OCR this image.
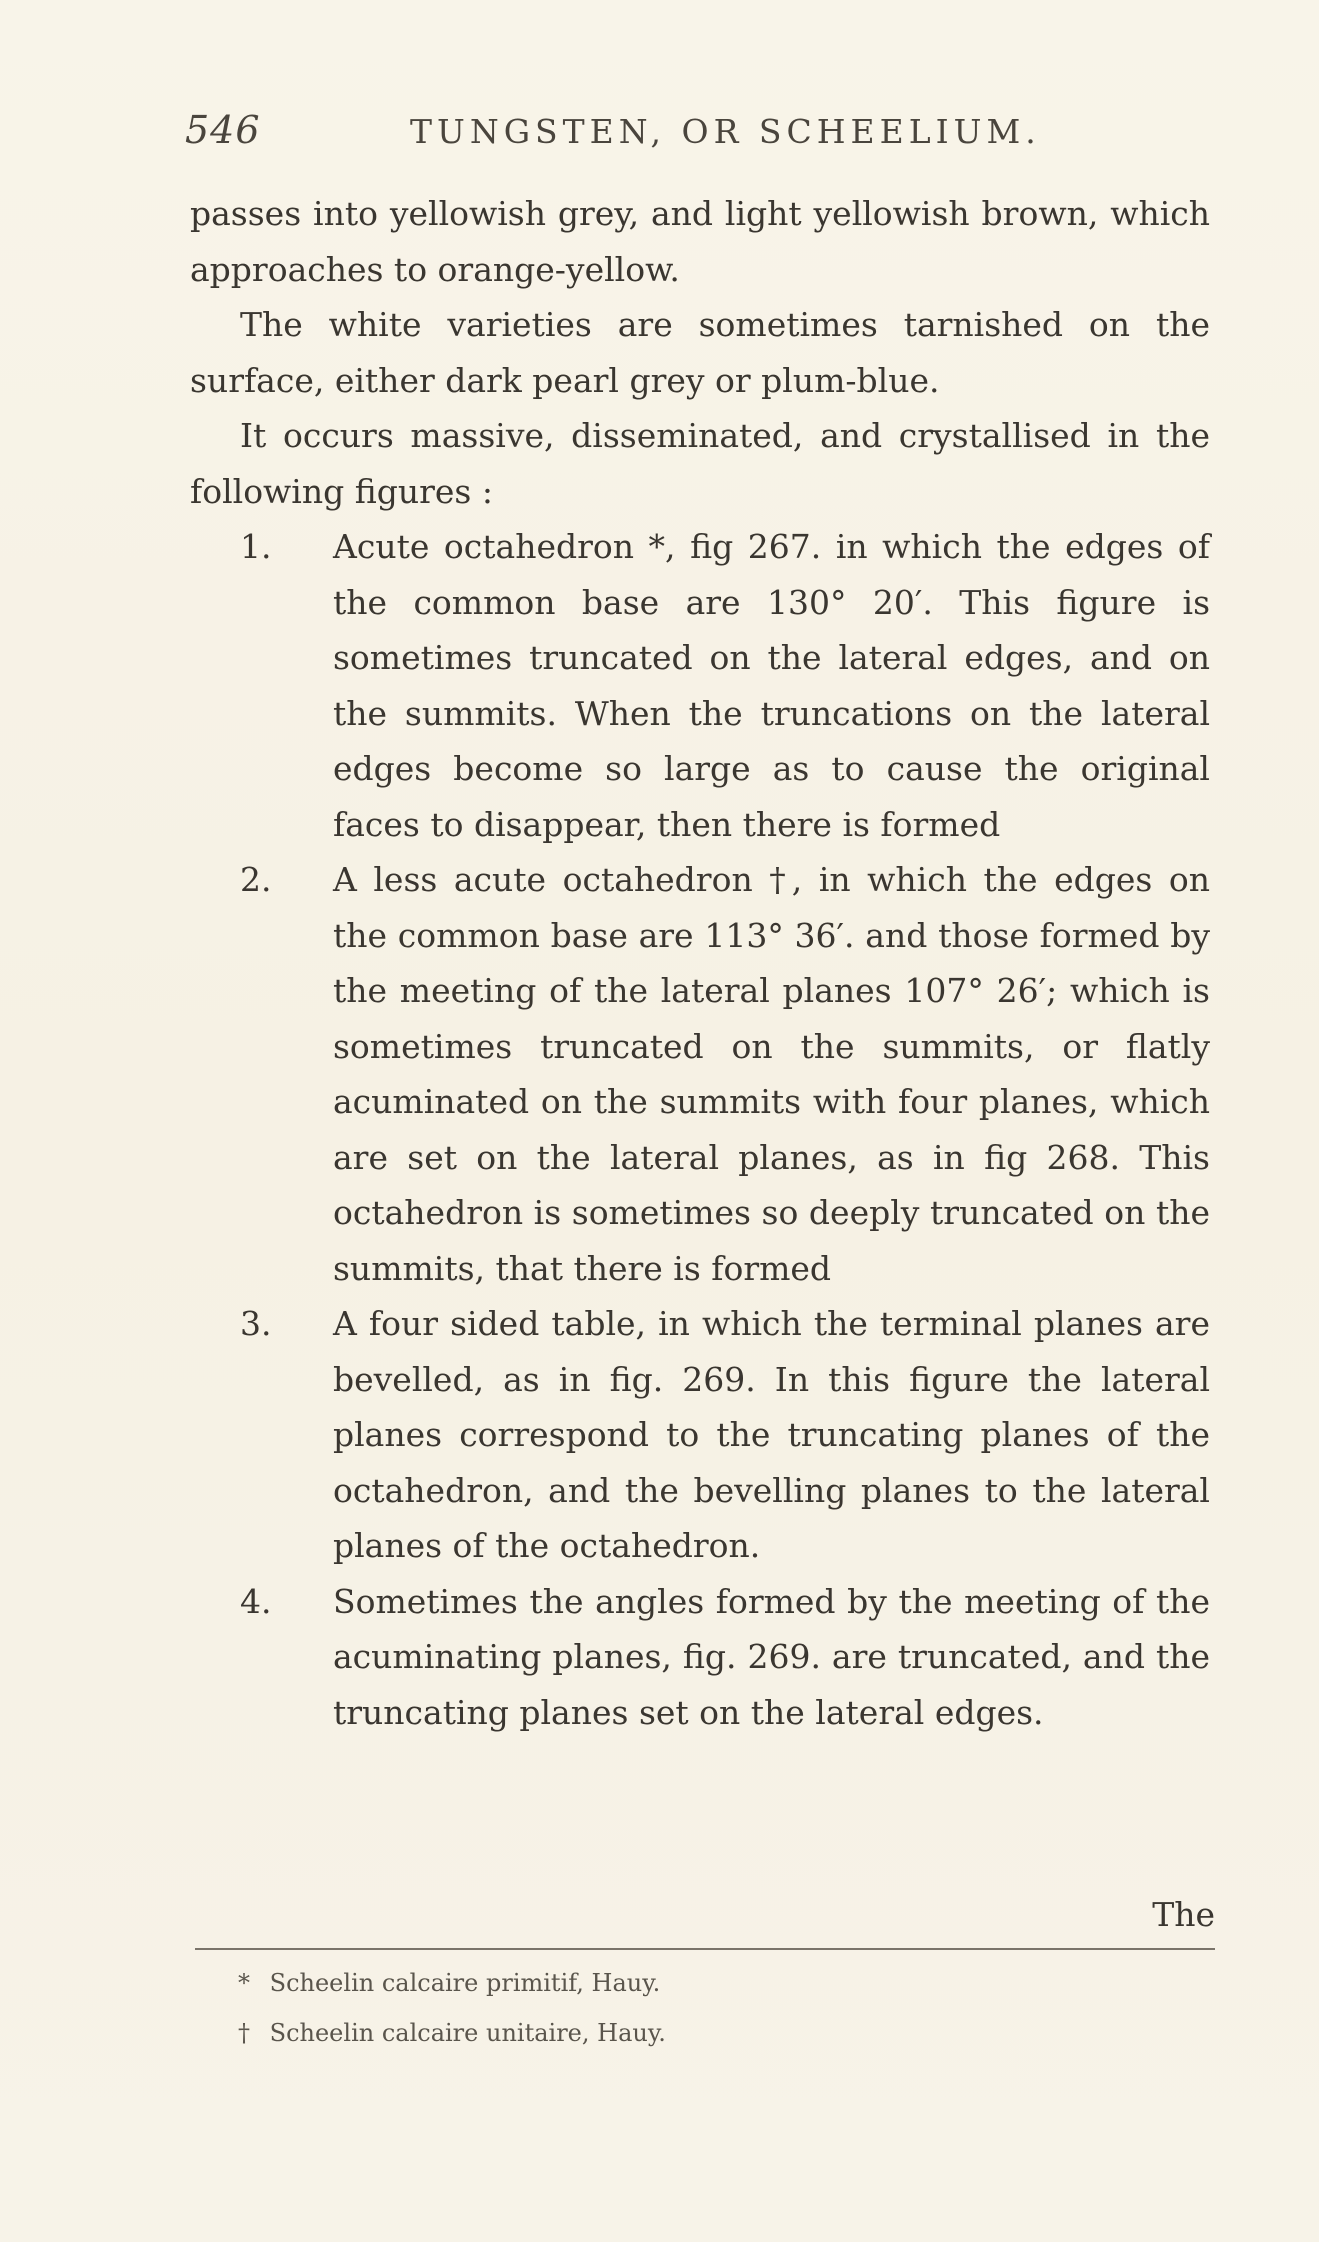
546	TUNGSTEN, OR SCHEELIUM.

passes into yellowish grey, and light yellowish brown, which approaches to orange-yellow.

The white varieties are sometimes tarnished on the surface, either dark pearl grey or plum-blue.

It occurs massive, disseminated, and crystallised in the following figures :

1. Acute octahedron *, fig 267. in which the edges of the common base are 130° 20′. This figure is sometimes truncated on the lateral edges, and on the summits. When the truncations on the lateral edges become so large as to cause the original faces to disappear, then there is formed

2. A less acute octahedron †, in which the edges on the common base are 113° 36′. and those formed by the meeting of the lateral planes 107° 26′; which is sometimes truncated on the summits, or flatly acuminated on the summits with four planes, which are set on the lateral planes, as in fig 268. This octahedron is sometimes so deeply truncated on the summits, that there is formed

3. A four sided table, in which the terminal planes are bevelled, as in fig. 269. In this figure the lateral planes correspond to the truncating planes of the octahedron, and the bevelling planes to the lateral planes of the octahedron.

4. Sometimes the angles formed by the meeting of the acuminating planes, fig. 269. are truncated, and the truncating planes set on the lateral edges.

The
* Scheelin calcaire primitif, Hauy.
† Scheelin calcaire unitaire, Hauy.
